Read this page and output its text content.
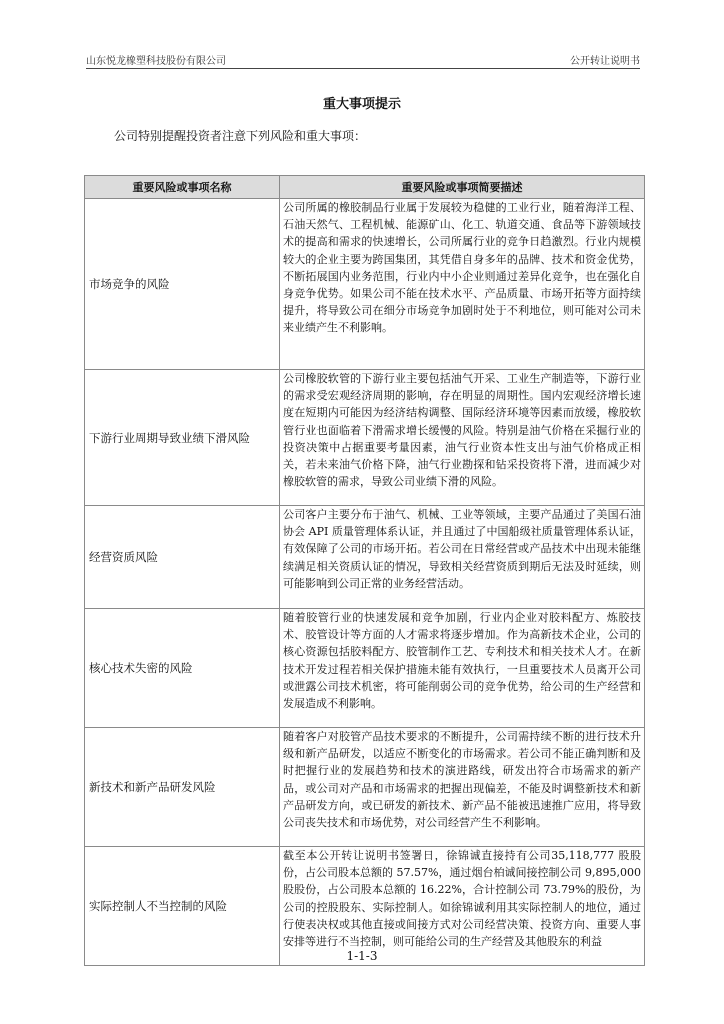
山东悦龙橡塑科技股份有限公司	公开转让说明书
重大事项提示
公司特别提醒投资者注意下列风险和重大事项：
重要风险或事项名称	重要风险或事项简要描述
市场竞争的风险	公司所属的橡胶制品行业属于发展较为稳健的工业行业，随着海洋工程、石油天然气、工程机械、能源矿山、化工、轨道交通、食品等下游领域技术的提高和需求的快速增长，公司所属行业的竞争日趋激烈。行业内规模较大的企业主要为跨国集团，其凭借自身多年的品牌、技术和资金优势，不断拓展国内业务范围，行业内中小企业则通过差异化竞争，也在强化自身竞争优势。如果公司不能在技术水平、产品质量、市场开拓等方面持续提升，将导致公司在细分市场竞争加剧时处于不利地位，则可能对公司未来业绩产生不利影响。

下游行业周期导致业绩下滑风险	公司橡胶软管的下游行业主要包括油气开采、工业生产制造等，下游行业的需求受宏观经济周期的影响，存在明显的周期性。国内宏观经济增长速度在短期内可能因为经济结构调整、国际经济环境等因素而放缓，橡胶软管行业也面临着下滑需求增长缓慢的风险。特别是油气价格在采掘行业的投资决策中占据重要考量因素，油气行业资本性支出与油气价格成正相关，若未来油气价格下降，油气行业勘探和钻采投资将下滑，进而减少对橡胶软管的需求，导致公司业绩下滑的风险。

经营资质风险	公司客户主要分布于油气、机械、工业等领域，主要产品通过了美国石油协会 API 质量管理体系认证，并且通过了中国船级社质量管理体系认证，有效保障了公司的市场开拓。若公司在日常经营或产品技术中出现未能继续满足相关资质认证的情况，导致相关经营资质到期后无法及时延续，则可能影响到公司正常的业务经营活动。

核心技术失密的风险	随着胶管行业的快速发展和竞争加剧，行业内企业对胶料配方、炼胶技术、胶管设计等方面的人才需求将逐步增加。作为高新技术企业，公司的核心资源包括胶料配方、胶管制作工艺、专利技术和相关技术人才。在新技术开发过程若相关保护措施未能有效执行，一旦重要技术人员离开公司或泄露公司技术机密，将可能削弱公司的竞争优势，给公司的生产经营和发展造成不利影响。

新技术和新产品研发风险	随着客户对胶管产品技术要求的不断提升，公司需持续不断的进行技术升级和新产品研发，以适应不断变化的市场需求。若公司不能正确判断和及时把握行业的发展趋势和技术的演进路线，研发出符合市场需求的新产品，或公司对产品和市场需求的把握出现偏差，不能及时调整新技术和新产品研发方向，或已研发的新技术、新产品不能被迅速推广应用，将导致公司丧失技术和市场优势，对公司经营产生不利影响。

实际控制人不当控制的风险	截至本公开转让说明书签署日，徐锦诚直接持有公司35,118,777 股股份，占公司股本总额的 57.57%，通过烟台柏诚间接控制公司 9,895,000 股股份，占公司股本总额的 16.22%，合计控制公司 73.79%的股份，为公司的控股股东、实际控制人。如徐锦诚利用其实际控制人的地位，通过行使表决权或其他直接或间接方式对公司经营决策、投资方向、重要人事安排等进行不当控制，则可能给公司的生产经营及其他股东的利益
1-1-3
